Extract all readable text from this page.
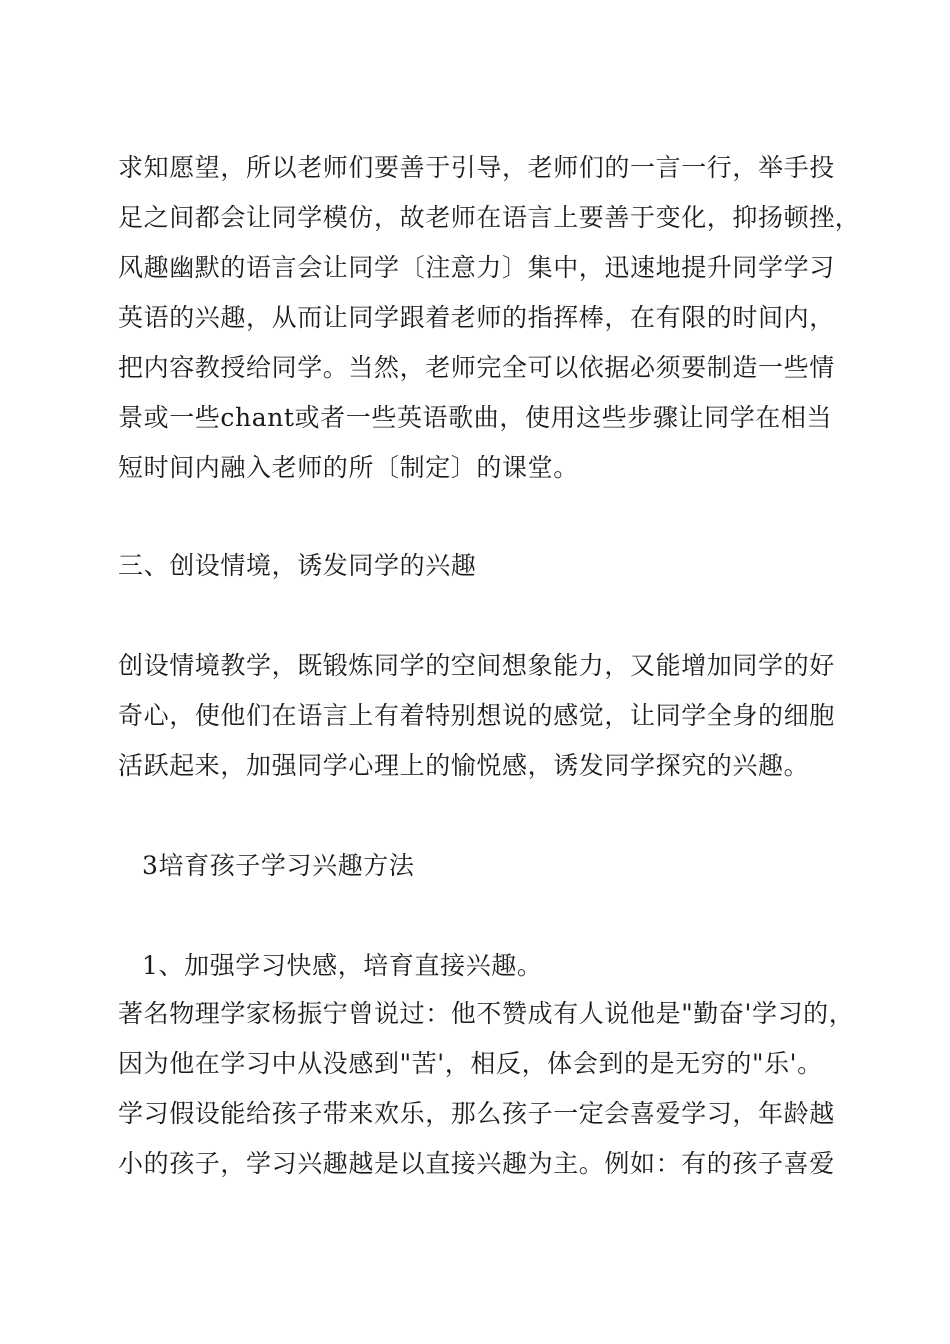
求知愿望，所以老师们要善于引导，老师们的一言一行，举手投
足之间都会让同学模仿，故老师在语言上要善于变化，抑扬顿挫，
风趣幽默的语言会让同学〔注意力〕集中，迅速地提升同学学习
英语的兴趣，从而让同学跟着老师的指挥棒，在有限的时间内，
把内容教授给同学。当然，老师完全可以依据必须要制造一些情
景或一些chant或者一些英语歌曲，使用这些步骤让同学在相当
短时间内融入老师的所〔制定〕的课堂。
三、创设情境，诱发同学的兴趣
创设情境教学，既锻炼同学的空间想象能力，又能增加同学的好
奇心，使他们在语言上有着特别想说的感觉，让同学全身的细胞
活跃起来，加强同学心理上的愉悦感，诱发同学探究的兴趣。
3培育孩子学习兴趣方法
1、加强学习快感，培育直接兴趣。
著名物理学家杨振宁曾说过：他不赞成有人说他是"勤奋'学习的，
因为他在学习中从没感到"苦'，相反，体会到的是无穷的"乐'。
学习假设能给孩子带来欢乐，那么孩子一定会喜爱学习，年龄越
小的孩子，学习兴趣越是以直接兴趣为主。例如：有的孩子喜爱
